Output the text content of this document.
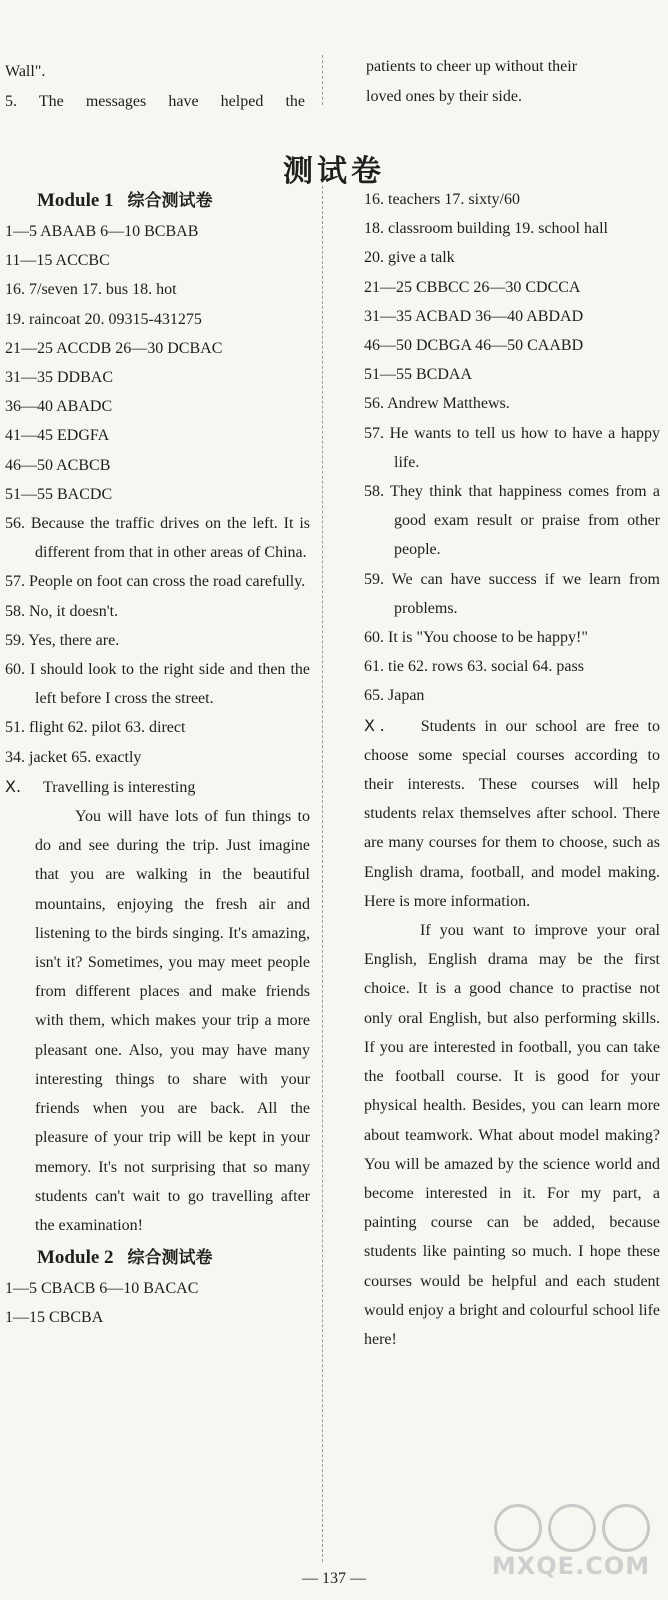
Wall".

5. The messages have helped the

patients to cheer up without their

loved ones by their side.

测试卷
Module 1 综合测试卷

1—5 ABAAB 6—10 BCBAB

11—15 ACCBC

16. 7/seven 17. bus 18. hot

19. raincoat 20. 09315-431275

21—25 ACCDB 26—30 DCBAC

31—35 DDBAC

36—40 ABADC

41—45 EDGFA

46—50 ACBCB

51—55 BACDC

56. Because the traffic drives on the left. It is different from that in other areas of China.

57. People on foot can cross the road carefully.

58. No, it doesn't.

59. Yes, there are.

60. I should look to the right side and then the left before I cross the street.

51. flight 62. pilot 63. direct

34. jacket 65. exactly

Ⅹ. Travelling is interesting

You will have lots of fun things to do and see during the trip. Just imagine that you are walking in the beautiful mountains, enjoying the fresh air and listening to the birds singing. It's amazing, isn't it? Sometimes, you may meet people from different places and make friends with them, which makes your trip a more pleasant one. Also, you may have many interesting things to share with your friends when you are back. All the pleasure of your trip will be kept in your memory. It's not surprising that so many students can't wait to go travelling after the examination!

Module 2 综合测试卷

1—5 CBACB 6—10 BACAC

1—15 CBCBA

16. teachers 17. sixty/60

18. classroom building 19. school hall

20. give a talk

21—25 CBBCC 26—30 CDCCA

31—35 ACBAD 36—40 ABDAD

46—50 DCBGA 46—50 CAABD

51—55 BCDAA

56. Andrew Matthews.

57. He wants to tell us how to have a happy life.

58. They think that happiness comes from a good exam result or praise from other people.

59. We can have success if we learn from problems.

60. It is "You choose to be happy!"

61. tie 62. rows 63. social 64. pass

65. Japan

Ⅹ. Students in our school are free to choose some special courses according to their interests. These courses will help students relax themselves after school. There are many courses for them to choose, such as English drama, football, and model making. Here is more information.

If you want to improve your oral English, English drama may be the first choice. It is a good chance to practise not only oral English, but also performing skills. If you are interested in football, you can take the football course. It is good for your physical health. Besides, you can learn more about teamwork. What about model making? You will be amazed by the science world and become interested in it. For my part, a painting course can be added, because students like painting so much. I hope these courses would be helpful and each student would enjoy a bright and colourful school life here!

— 137 —	MXQE.COM
